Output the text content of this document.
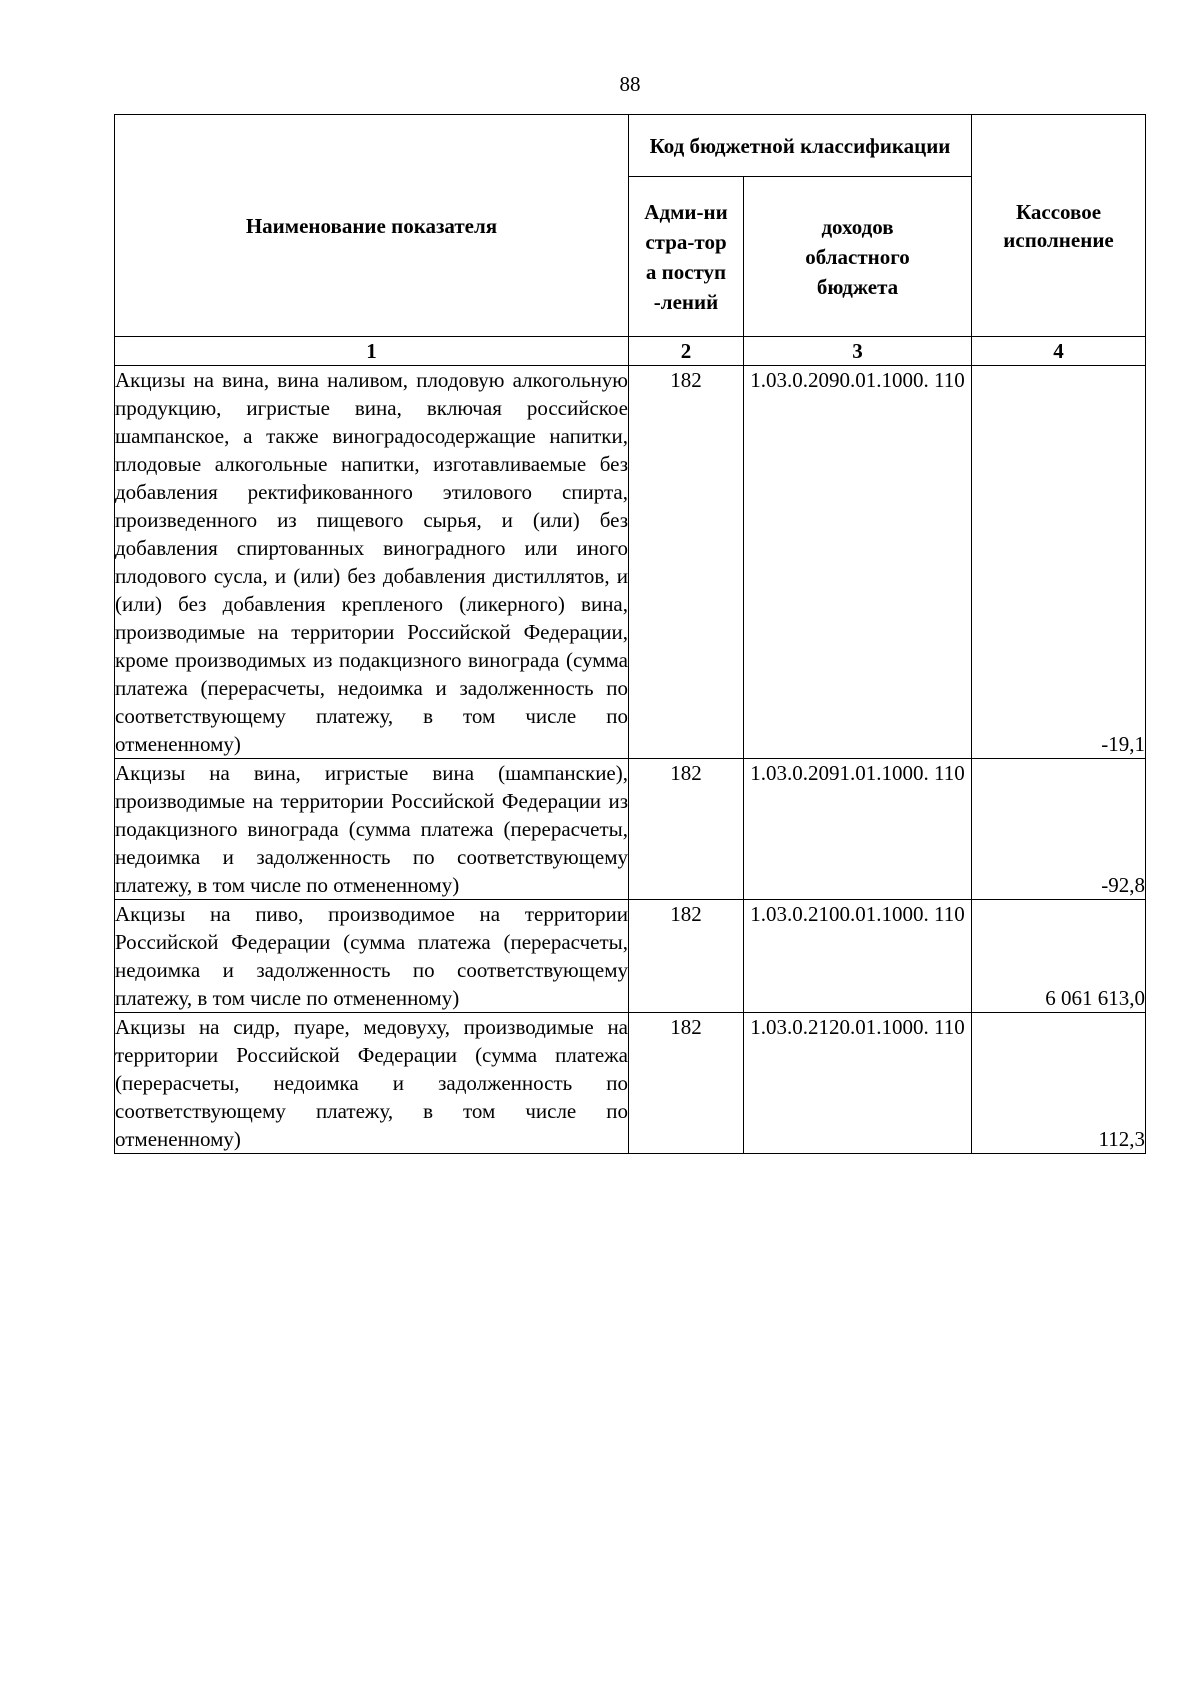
88
Наименование показателя	Код бюджетной классификации		Кассовое исполнение
	Адми-нистра-тора поступ-лений	доходов областного бюджета	
1	2	3	4
Акцизы на вина, вина наливом, плодовую алкогольную продукцию, игристые вина, включая российское шампанское, а также виноградосодержащие напитки, плодовые алкогольные напитки, изготавливаемые без добавления ректификованного этилового спирта, произведенного из пищевого сырья, и (или) без добавления спиртованных виноградного или иного плодового сусла, и (или) без добавления дистиллятов, и (или) без добавления крепленого (ликерного) вина, производимые на территории Российской Федерации, кроме производимых из подакцизного винограда (сумма платежа (перерасчеты, недоимка и задолженность по соответствующему платежу, в том числе по отмененному)	182	1.03.0.2090.01.1000. 110	-19,1
Акцизы на вина, игристые вина (шампанские), производимые на территории Российской Федерации из подакцизного винограда (сумма платежа (перерасчеты, недоимка и задолженность по соответствующему платежу, в том числе по отмененному)	182	1.03.0.2091.01.1000. 110	-92,8
Акцизы на пиво, производимое на территории Российской Федерации (сумма платежа (перерасчеты, недоимка и задолженность по соответствующему платежу, в том числе по отмененному)	182	1.03.0.2100.01.1000. 110	6 061 613,0
Акцизы на сидр, пуаре, медовуху, производимые на территории Российской Федерации (сумма платежа (перерасчеты, недоимка и задолженность по соответствующему платежу, в том числе по отмененному)	182	1.03.0.2120.01.1000. 110	112,3
